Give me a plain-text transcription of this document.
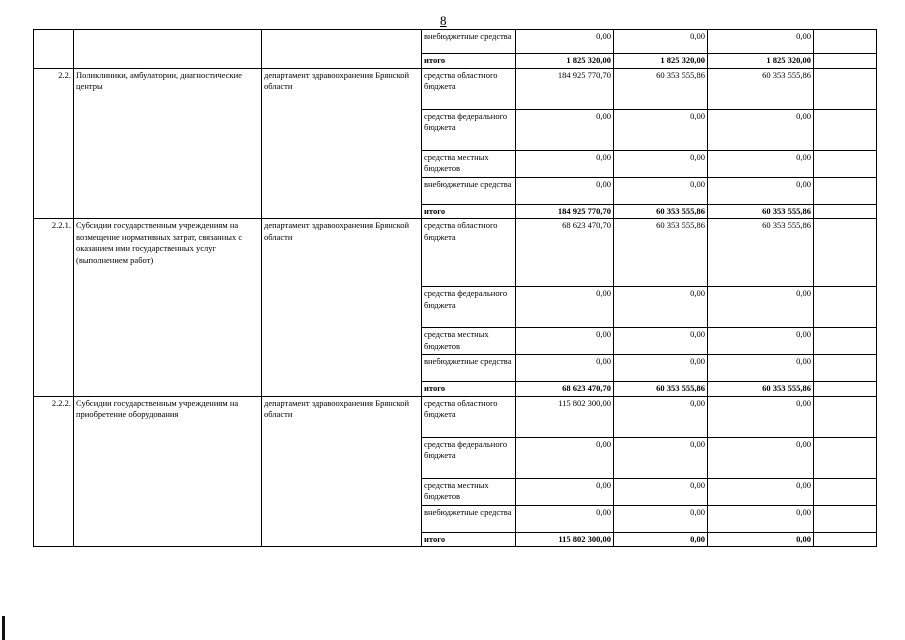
8
			внебюджетные средства	0,00	0,00	0,00	
			итого	1 825 320,00	1 825 320,00	1 825 320,00	
2.2.	Поликлиники, амбулатории, диагностические центры	департамент здравоохранения Брянской области	средства областного бюджета	184 925 770,70	60 353 555,86	60 353 555,86	
			средства федерального бюджета	0,00	0,00	0,00	
			средства местных бюджетов	0,00	0,00	0,00	
			внебюджетные средства	0,00	0,00	0,00	
			итого	184 925 770,70	60 353 555,86	60 353 555,86	
2.2.1.	Субсидии государственным учреждениям на возмещение нормативных затрат, связанных с оказанием ими государственных услуг (выполнением работ)	департамент здравоохранения Брянской области	средства областного бюджета	68 623 470,70	60 353 555,86	60 353 555,86	
			средства федерального бюджета	0,00	0,00	0,00	
			средства местных бюджетов	0,00	0,00	0,00	
			внебюджетные средства	0,00	0,00	0,00	
			итого	68 623 470,70	60 353 555,86	60 353 555,86	
2.2.2.	Субсидии государственным учреждениям на приобретение оборудования	департамент здравоохранения Брянской области	средства областного бюджета	115 802 300,00	0,00	0,00	
			средства федерального бюджета	0,00	0,00	0,00	
			средства местных бюджетов	0,00	0,00	0,00	
			внебюджетные средства	0,00	0,00	0,00	
			итого	115 802 300,00	0,00	0,00	
